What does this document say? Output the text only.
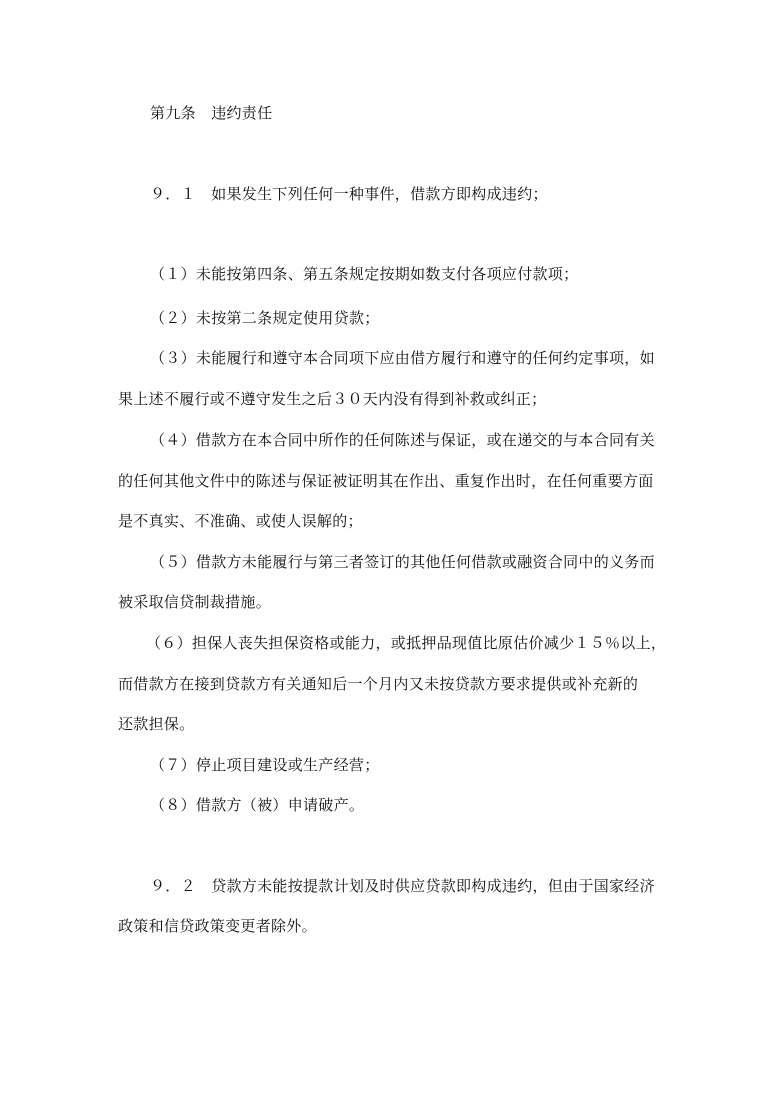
第九条　违约责任
９．１　如果发生下列任何一种事件，借款方即构成违约；
（１）未能按第四条、第五条规定按期如数支付各项应付款项；
（２）未按第二条规定使用贷款；
（３）未能履行和遵守本合同项下应由借方履行和遵守的任何约定事项，如
果上述不履行或不遵守发生之后３０天内没有得到补救或纠正；
（４）借款方在本合同中所作的任何陈述与保证，或在递交的与本合同有关
的任何其他文件中的陈述与保证被证明其在作出、重复作出时，在任何重要方面
是不真实、不准确、或使人误解的；
（５）借款方未能履行与第三者签订的其他任何借款或融资合同中的义务而
被采取信贷制裁措施。
（６）担保人丧失担保资格或能力，或抵押品现值比原估价减少１５％以上，
而借款方在接到贷款方有关通知后一个月内又未按贷款方要求提供或补充新的
还款担保。
（７）停止项目建设或生产经营；
（８）借款方（被）申请破产。
９．２　贷款方未能按提款计划及时供应贷款即构成违约，但由于国家经济
政策和信贷政策变更者除外。
